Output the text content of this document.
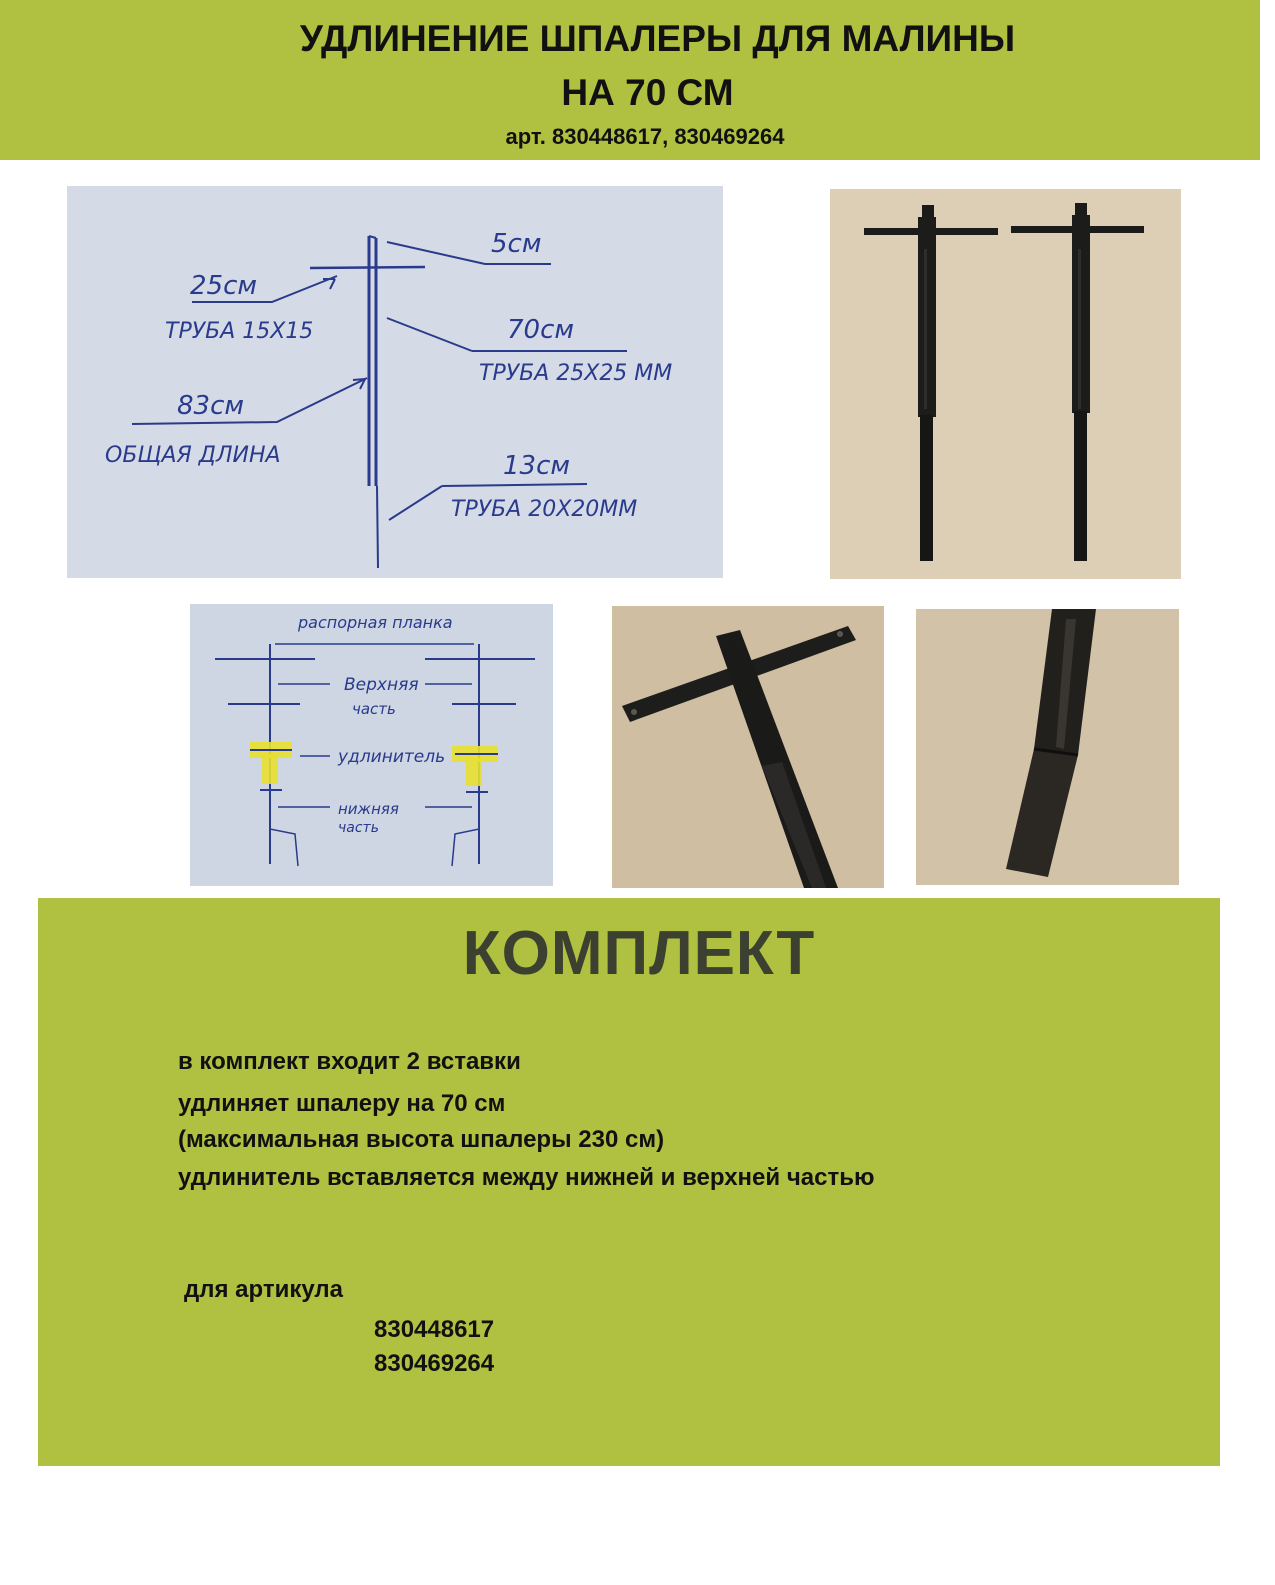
УДЛИНЕНИЕ ШПАЛЕРЫ ДЛЯ МАЛИНЫ
НА 70 СМ
арт. 830448617, 830469264
5см
25см
ТРУБА 15Х15	70см
ТРУБА 25Х25 ММ
83см
ОБЩАЯ ДЛИНА	13см
ТРУБА 20Х20ММ
распорная планка
Верхняя
часть
удлинитель
нижняя
часть
КОМПЛЕКТ
в комплект входит 2 вставки
удлиняет шпалеру на 70 см
(максимальная высота шпалеры 230 см)
удлинитель вставляется между нижней и верхней частью
для артикула
830448617
830469264
